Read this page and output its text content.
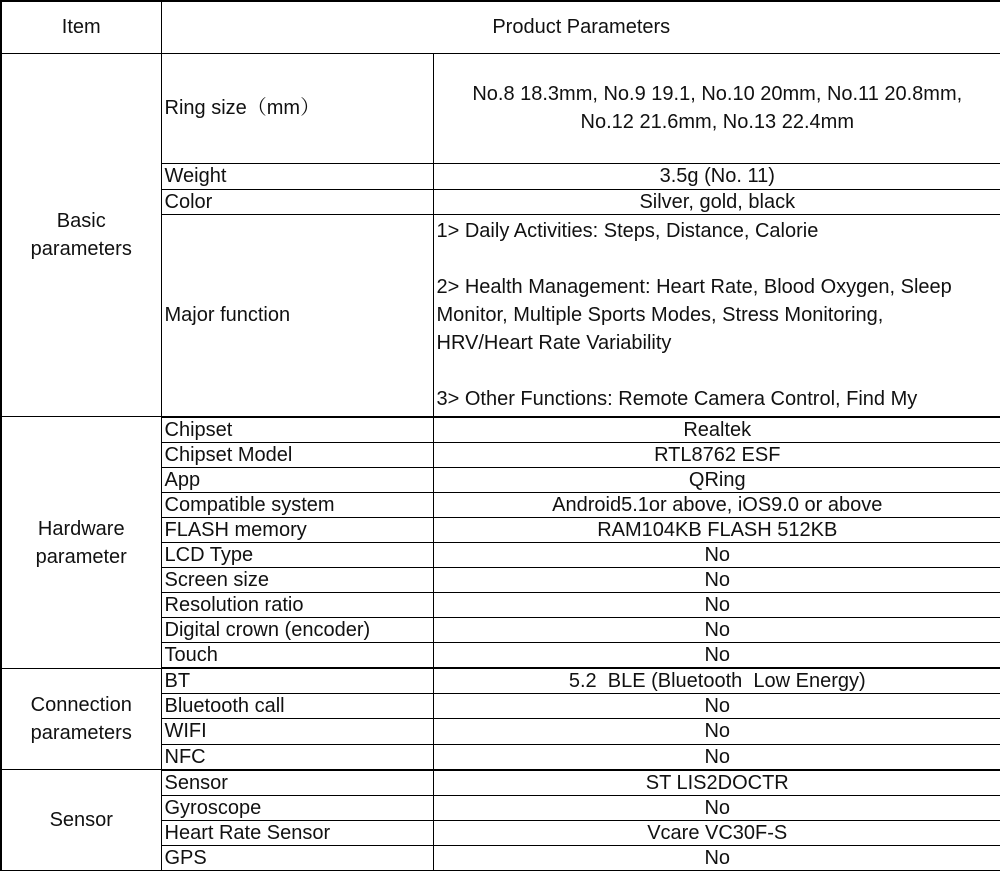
Item	Product Parameters	
Basic parameters	Ring size（mm）	No.8 18.3mm, No.9 19.1, No.10 20mm, No.11 20.8mm,
No.12 21.6mm, No.13 22.4mm

	Weight	3.5g (No. 11)
	Color	Silver, gold, black
	Major function	1> Daily Activities: Steps, Distance, Calorie
2> Health Management: Heart Rate, Blood Oxygen, Sleep
Monitor, Multiple Sports Modes, Stress Monitoring,
HRV/Heart Rate Variability
3> Other Functions: Remote Camera Control, Find My

Hardware parameter	Chipset	Realtek
	Chipset Model	RTL8762 ESF
	App	QRing
	Compatible system	Android5.1or above, iOS9.0 or above
	FLASH memory	RAM104KB FLASH 512KB
	LCD Type	No
	Screen size	No
	Resolution ratio	No
	Digital crown (encoder)	No
	Touch	No
Connection parameters	BT	5.2  BLE (Bluetooth  Low Energy)
	Bluetooth call	No
	WIFI	No
	NFC	No
Sensor	Sensor	ST LIS2DOCTR
	Gyroscope	No
	Heart Rate Sensor	Vcare VC30F-S
	GPS	No
